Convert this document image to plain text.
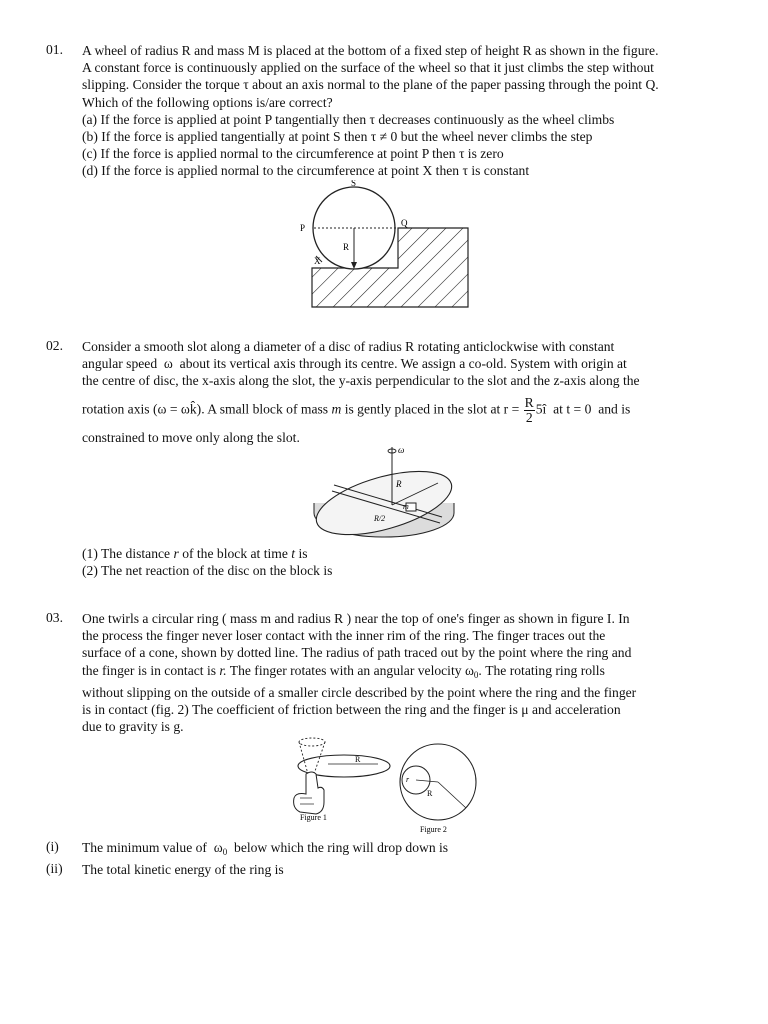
01. A wheel of radius R and mass M is placed at the bottom of a fixed step of height R as shown in the figure.
A constant force is continuously applied on the surface of the wheel so that it just climbs the step without
slipping. Consider the torque τ about an axis normal to the plane of the paper passing through the point Q.
Which of the following options is/are correct?
(a) If the force is applied at point P tangentially then τ decreases continuously as the wheel climbs
(b) If the force is applied tangentially at point S then τ ≠ 0 but the wheel never climbs the step
(c) If the force is applied normal to the circumference at point P then τ is zero
(d) If the force is applied normal to the circumference at point X then τ is constant
S
P	Q
R
X
02. Consider a smooth slot along a diameter of a disc of radius R rotating anticlockwise with constant
angular speed ω about its vertical axis through its centre. We assign a co-old. System with origin at
the centre of disc, the x-axis along the slot, the y-axis perpendicular to the slot and the z-axis along the
rotation axis (ω = ωk̂). A small block of mass m is gently placed in the slot at $r = \frac{R}{2}$ 5î at t = 0 and is
constrained to move only along the slot.
ω
R
m
R/2
(1) The distance r of the block at time t is
(2) The net reaction of the disc on the block is
03. One twirls a circular ring ( mass m and radius R ) near the top of one's finger as shown in figure I. In
the process the finger never loser contact with the inner rim of the ring. The finger traces out the
surface of a cone, shown by dotted line. The radius of path traced out by the point where the ring and
the finger is in contact is r. The finger rotates with an angular velocity $\omega_0$. The rotating ring rolls
without slipping on the outside of a smaller circle described by the point where the ring and the finger
is in contact (fig. 2) The coefficient of friction between the ring and the finger is μ and acceleration
due to gravity is g.
R
Figure 1
r
R
Figure 2
(i) The minimum value of $\omega_0$ below which the ring will drop down is
(ii) The total kinetic energy of the ring is
